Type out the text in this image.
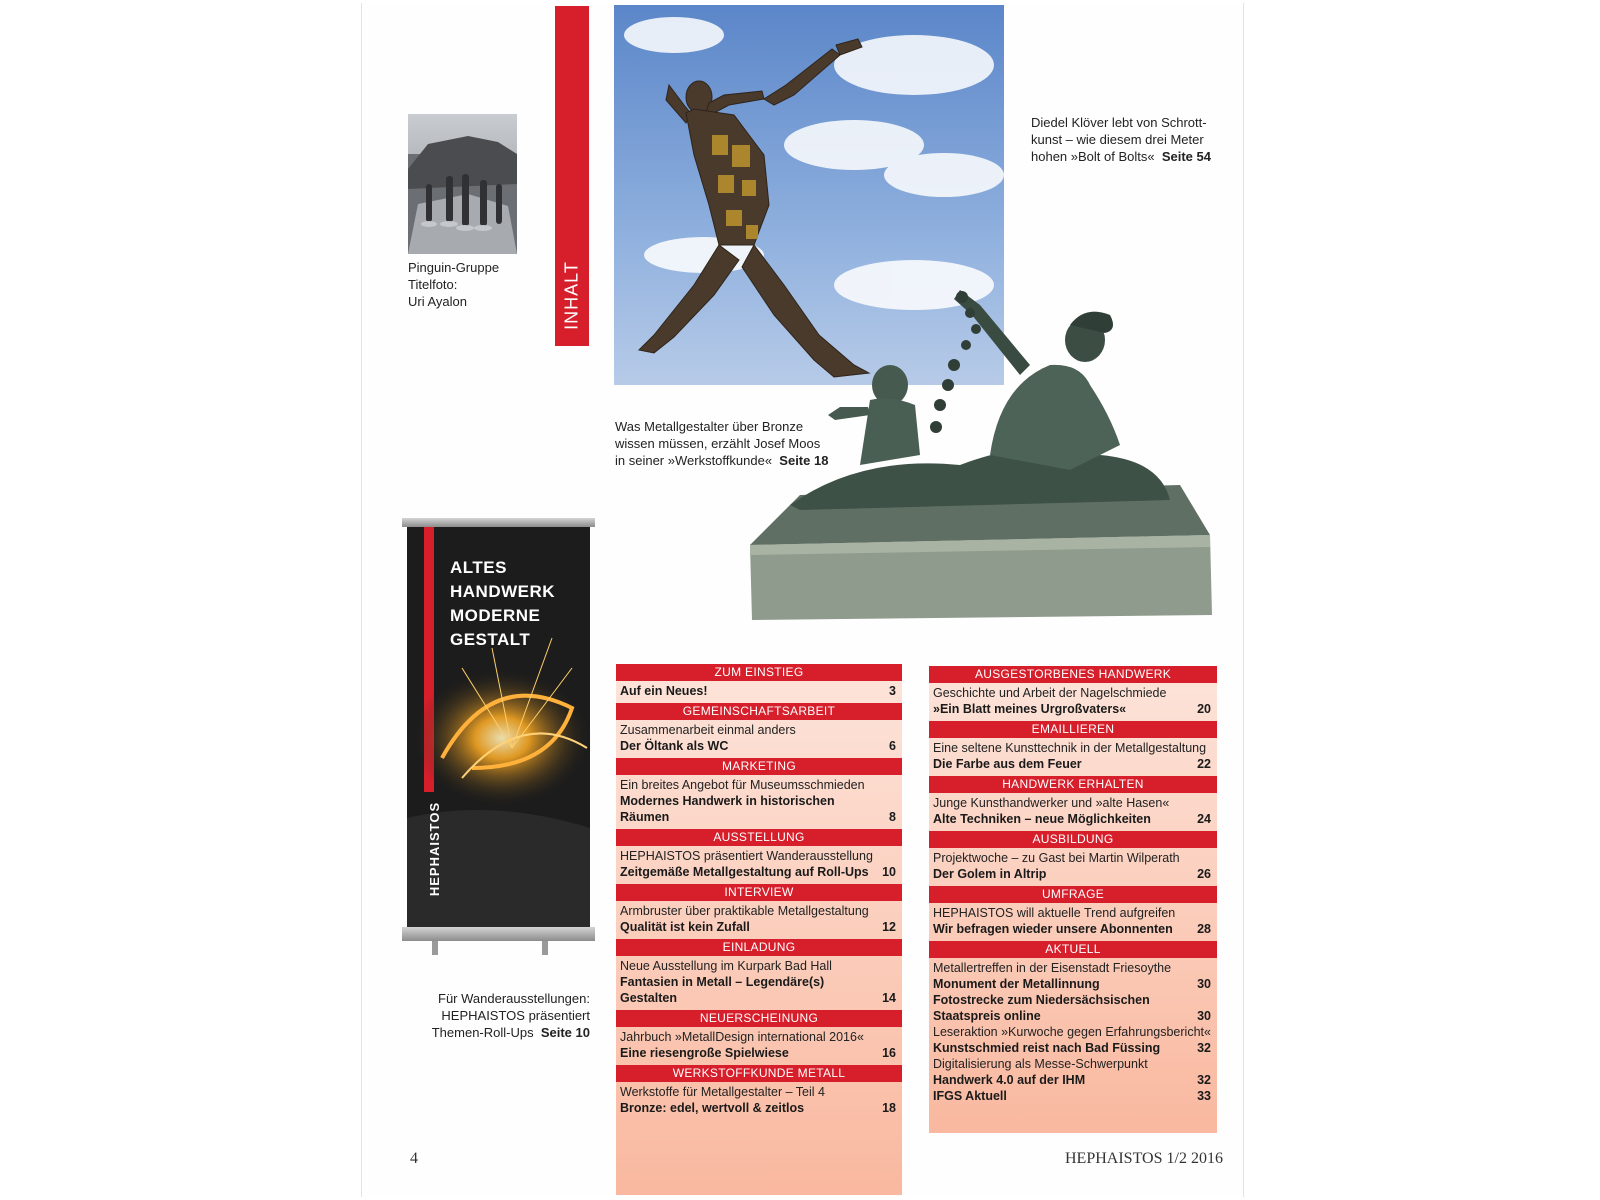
Pinguin-Gruppe
Titelfoto:
Uri Ayalon	INHALT
Diedel Klöver lebt von Schrott-
kunst – wie diesem drei Meter
hohen »Bolt of Bolts« Seite 54
Was Metallgestalter über Bronze
wissen müssen, erzählt Josef Moos
in seiner »Werkstoffkunde« Seite 18
ALTES
HANDWERK
MODERNE
GESTALT
HEPHAISTOS
Für Wanderausstellungen:
HEPHAISTOS präsentiert
Themen-Roll-Ups Seite 10
ZUM EINSTIEG
Auf ein Neues!	3
GEMEINSCHAFTSARBEIT
Zusammenarbeit einmal anders
Der Öltank als WC	6
MARKETING
Ein breites Angebot für Museumsschmieden
Modernes Handwerk in historischen Räumen	8
AUSSTELLUNG
HEPHAISTOS präsentiert Wanderausstellung
Zeitgemäße Metallgestaltung auf Roll-Ups	10
INTERVIEW
Armbruster über praktikable Metallgestaltung
Qualität ist kein Zufall	12
EINLADUNG
Neue Ausstellung im Kurpark Bad Hall
Fantasien in Metall – Legendäre(s) Gestalten	14
NEUERSCHEINUNG
Jahrbuch »MetallDesign international 2016«
Eine riesengroße Spielwiese	16
WERKSTOFFKUNDE METALL
Werkstoffe für Metallgestalter – Teil 4
Bronze: edel, wertvoll & zeitlos	18
AUSGESTORBENES HANDWERK
Geschichte und Arbeit der Nagelschmiede
»Ein Blatt meines Urgroßvaters«	20
EMAILLIEREN
Eine seltene Kunsttechnik in der Metallgestaltung
Die Farbe aus dem Feuer	22
HANDWERK ERHALTEN
Junge Kunsthandwerker und »alte Hasen«
Alte Techniken – neue Möglichkeiten	24
AUSBILDUNG
Projektwoche – zu Gast bei Martin Wilperath
Der Golem in Altrip	26
UMFRAGE
HEPHAISTOS will aktuelle Trend aufgreifen
Wir befragen wieder unsere Abonnenten	28
AKTUELL
Metallertreffen in der Eisenstadt Friesoythe
Monument der Metallinnung	30
Fotostrecke zum Niedersächsischen Staatspreis online	30
Leseraktion »Kurwoche gegen Erfahrungsbericht«
Kunstschmied reist nach Bad Füssing	32
Digitalisierung als Messe-Schwerpunkt
Handwerk 4.0 auf der IHM	32
IFGS Aktuell	33
4	HEPHAISTOS 1/2 2016
